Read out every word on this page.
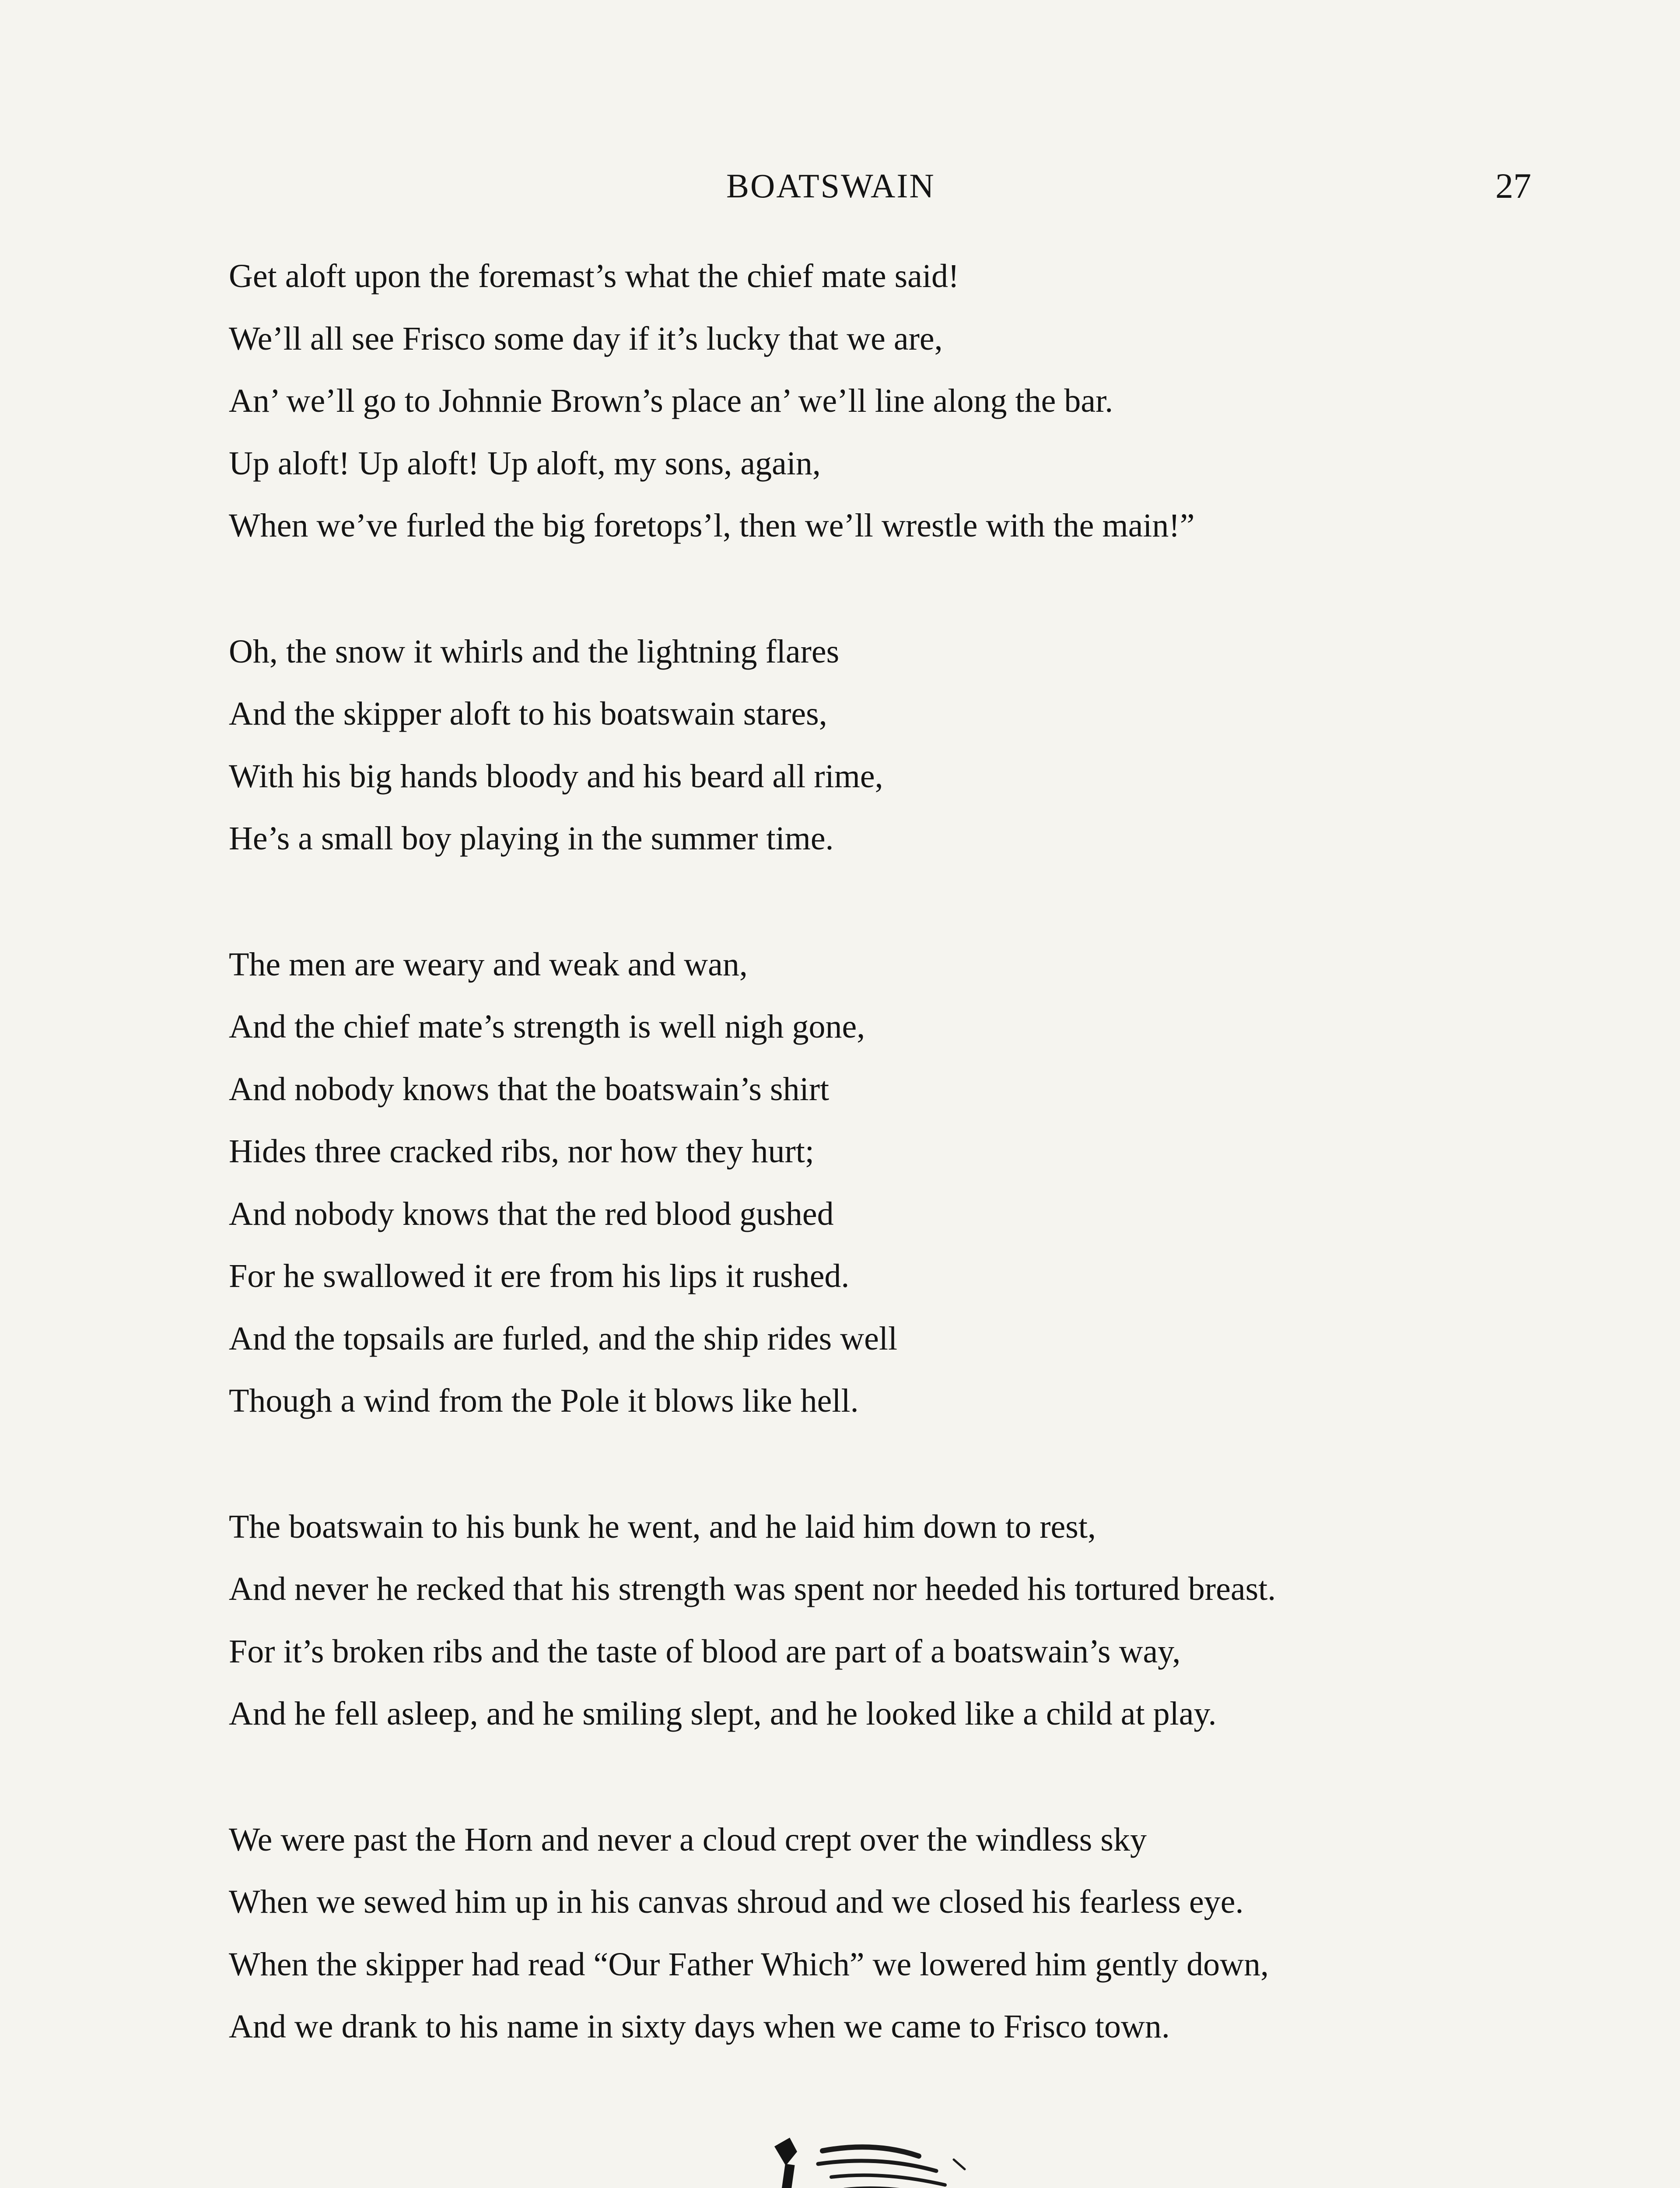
BOATSWAIN	27
Get aloft upon the foremast’s what the chief mate said!
We’ll all see Frisco some day if it’s lucky that we are,
An’ we’ll go to Johnnie Brown’s place an’ we’ll line along the bar.
Up aloft! Up aloft! Up aloft, my sons, again,
When we’ve furled the big foretops’l, then we’ll wrestle with the main!”
Oh, the snow it whirls and the lightning flares
And the skipper aloft to his boatswain stares,
With his big hands bloody and his beard all rime,
He’s a small boy playing in the summer time.
The men are weary and weak and wan,
And the chief mate’s strength is well nigh gone,
And nobody knows that the boatswain’s shirt
Hides three cracked ribs, nor how they hurt;
And nobody knows that the red blood gushed
For he swallowed it ere from his lips it rushed.
And the topsails are furled, and the ship rides well
Though a wind from the Pole it blows like hell.
The boatswain to his bunk he went, and he laid him down to rest,
And never he recked that his strength was spent nor heeded his tortured breast.
For it’s broken ribs and the taste of blood are part of a boatswain’s way,
And he fell asleep, and he smiling slept, and he looked like a child at play.
We were past the Horn and never a cloud crept over the windless sky
When we sewed him up in his canvas shroud and we closed his fearless eye.
When the skipper had read “Our Father Which” we lowered him gently down,
And we drank to his name in sixty days when we came to Frisco town.
